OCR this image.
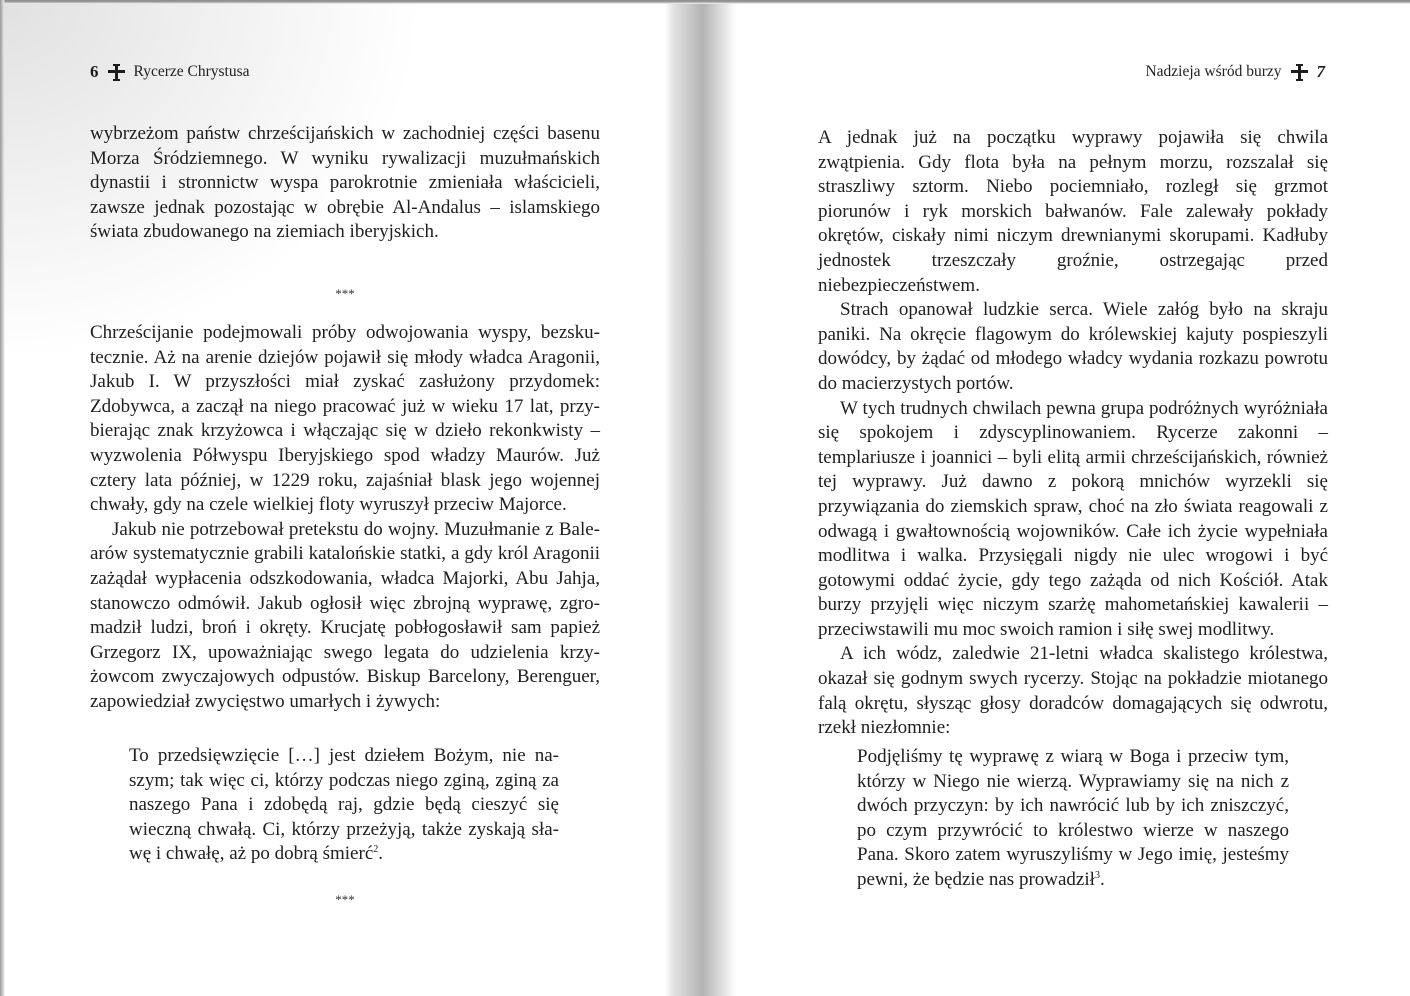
6 Rycerze Chrystusa	Nadzieja wśród burzy 7

wybrzeżom państw chrześcijańskich w zachodniej części basenu Morza Śródziemnego. W wyniku rywalizacji muzułmańskich dynastii i stronnictw wyspa parokrotnie zmieniała właścicieli, zawsze jednak pozostając w obrębie Al-Andalus – islamskiego świata zbudowanego na ziemiach iberyjskich.

***

Chrześcijanie podejmowali próby odwojowania wyspy, bezskutecznie. Aż na arenie dziejów pojawił się młody władca Aragonii, Jakub I. W przyszłości miał zyskać zasłużony przydomek: Zdobywca, a zaczął na niego pracować już w wieku 17 lat, przybierając znak krzyżowca i włączając się w dzieło rekonkwisty – wyzwolenia Półwyspu Iberyjskiego spod władzy Maurów. Już cztery lata później, w 1229 roku, zajaśniał blask jego wojennej chwały, gdy na czele wielkiej floty wyruszył przeciw Majorce.

Jakub nie potrzebował pretekstu do wojny. Muzułmanie z Balearów systematycznie grabili katalońskie statki, a gdy król Aragonii zażądał wypłacenia odszkodowania, władca Majorki, Abu Jahja, stanowczo odmówił. Jakub ogłosił więc zbrojną wyprawę, zgromadził ludzi, broń i okręty. Krucjatę pobłogosławił sam papież Grzegorz IX, upoważniając swego legata do udzielenia krzyżowcom zwyczajowych odpustów. Biskup Barcelony, Berenguer, zapowiedział zwycięstwo umarłych i żywych:

To przedsięwzięcie […] jest dziełem Bożym, nie naszym; tak więc ci, którzy podczas niego zginą, zginą za naszego Pana i zdobędą raj, gdzie będą cieszyć się wieczną chwałą. Ci, którzy przeżyją, także zyskają sławę i chwałę, aż po dobrą śmierć$^2$.

***

A jednak już na początku wyprawy pojawiła się chwila zwątpienia. Gdy flota była na pełnym morzu, rozszalał się straszliwy sztorm. Niebo pociemniało, rozległ się grzmot piorunów i ryk morskich bałwanów. Fale zalewały pokłady okrętów, ciskały nimi niczym drewnianymi skorupami. Kadłuby jednostek trzeszczały groźnie, ostrzegając przed niebezpieczeństwem.

Strach opanował ludzkie serca. Wiele załóg było na skraju paniki. Na okręcie flagowym do królewskiej kajuty pospieszyli dowódcy, by żądać od młodego władcy wydania rozkazu powrotu do macierzystych portów.

W tych trudnych chwilach pewna grupa podróżnych wyróżniała się spokojem i zdyscyplinowaniem. Rycerze zakonni – templariusze i joannici – byli elitą armii chrześcijańskich, również tej wyprawy. Już dawno z pokorą mnichów wyrzekli się przywiązania do ziemskich spraw, choć na zło świata reagowali z odwagą i gwałtownością wojowników. Całe ich życie wypełniała modlitwa i walka. Przysięgali nigdy nie ulec wrogowi i być gotowymi oddać życie, gdy tego zażąda od nich Kościół. Atak burzy przyjęli więc niczym szarżę mahometańskiej kawalerii – przeciwstawili mu moc swoich ramion i siłę swej modlitwy.

A ich wódz, zaledwie 21-letni władca skalistego królestwa, okazał się godnym swych rycerzy. Stojąc na pokładzie miotanego falą okrętu, słysząc głosy doradców domagających się odwrotu, rzekł niezłomnie:

Podjęliśmy tę wyprawę z wiarą w Boga i przeciw tym, którzy w Niego nie wierzą. Wyprawiamy się na nich z dwóch przyczyn: by ich nawrócić lub by ich zniszczyć, po czym przywrócić to królestwo wierze w naszego Pana. Skoro zatem wyruszyliśmy w Jego imię, jesteśmy pewni, że będzie nas prowadził$^3$.
